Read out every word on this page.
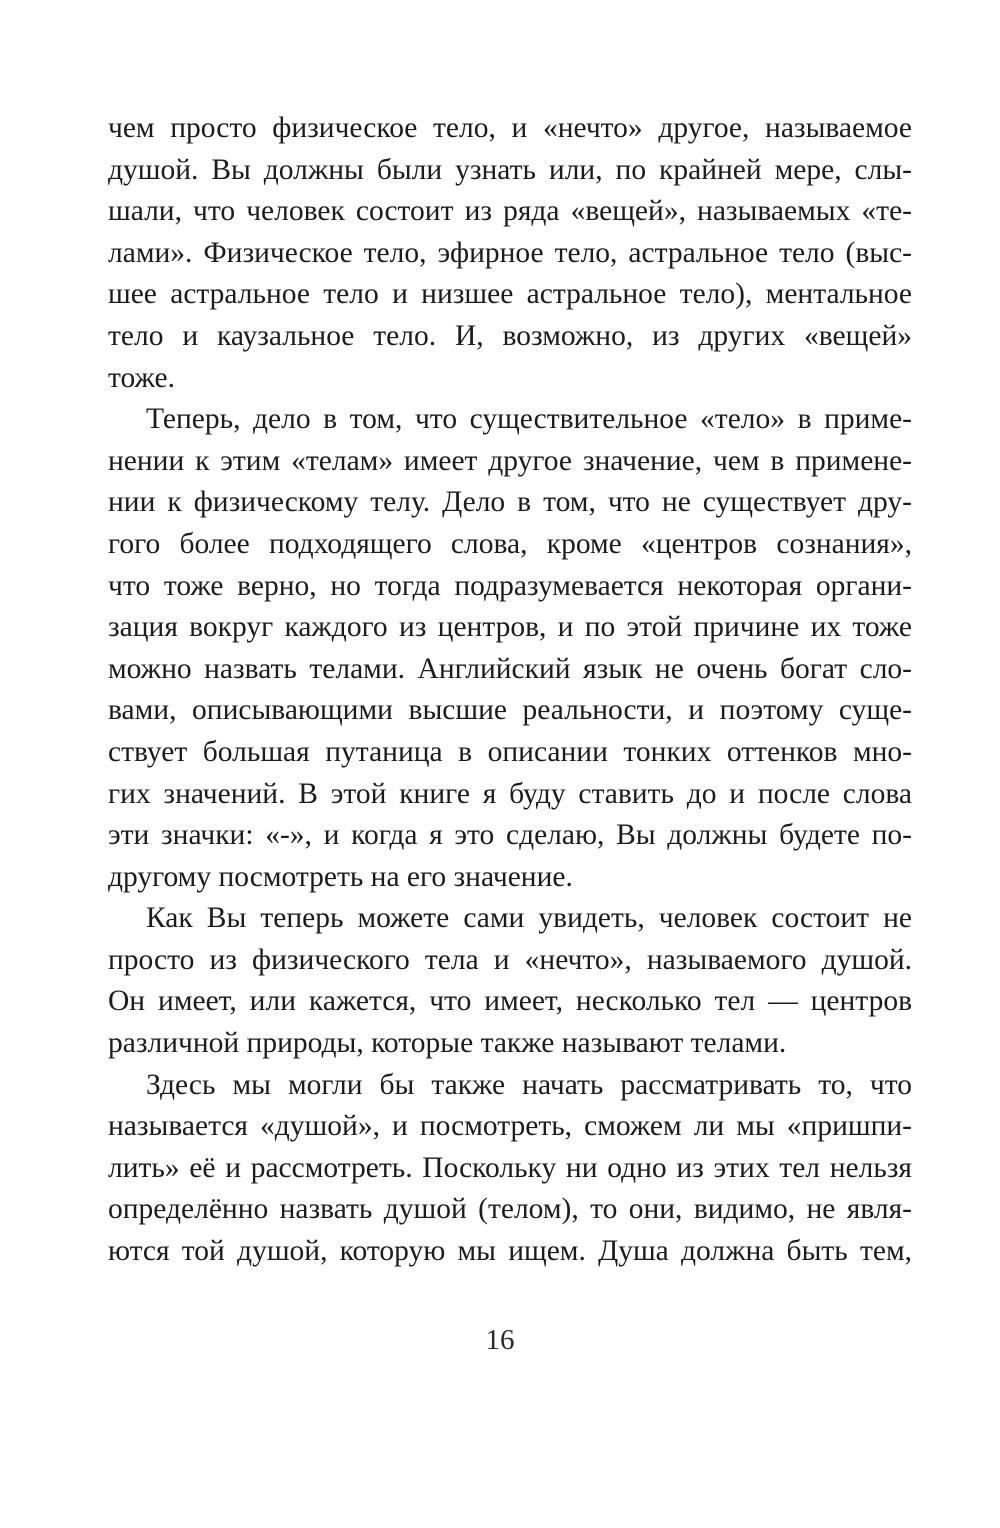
чем просто физическое тело, и «нечто» другое, называемое
душой. Вы должны были узнать или, по крайней мере, слы-
шали, что человек состоит из ряда «вещей», называемых «те-
лами». Физическое тело, эфирное тело, астральное тело (выс-
шее астральное тело и низшее астральное тело), ментальное
тело и каузальное тело. И, возможно, из других «вещей»
тоже.
Теперь, дело в том, что существительное «тело» в приме-
нении к этим «телам» имеет другое значение, чем в примене-
нии к физическому телу. Дело в том, что не существует дру-
гого более подходящего слова, кроме «центров сознания»,
что тоже верно, но тогда подразумевается некоторая органи-
зация вокруг каждого из центров, и по этой причине их тоже
можно назвать телами. Английский язык не очень богат сло-
вами, описывающими высшие реальности, и поэтому суще-
ствует большая путаница в описании тонких оттенков мно-
гих значений. В этой книге я буду ставить до и после слова
эти значки: «-», и когда я это сделаю, Вы должны будете по-
другому посмотреть на его значение.
Как Вы теперь можете сами увидеть, человек состоит не
просто из физического тела и «нечто», называемого душой.
Он имеет, или кажется, что имеет, несколько тел — центров
различной природы, которые также называют телами.
Здесь мы могли бы также начать рассматривать то, что
называется «душой», и посмотреть, сможем ли мы «пришпи-
лить» её и рассмотреть. Поскольку ни одно из этих тел нельзя
определённо назвать душой (телом), то они, видимо, не явля-
ются той душой, которую мы ищем. Душа должна быть тем,
16
